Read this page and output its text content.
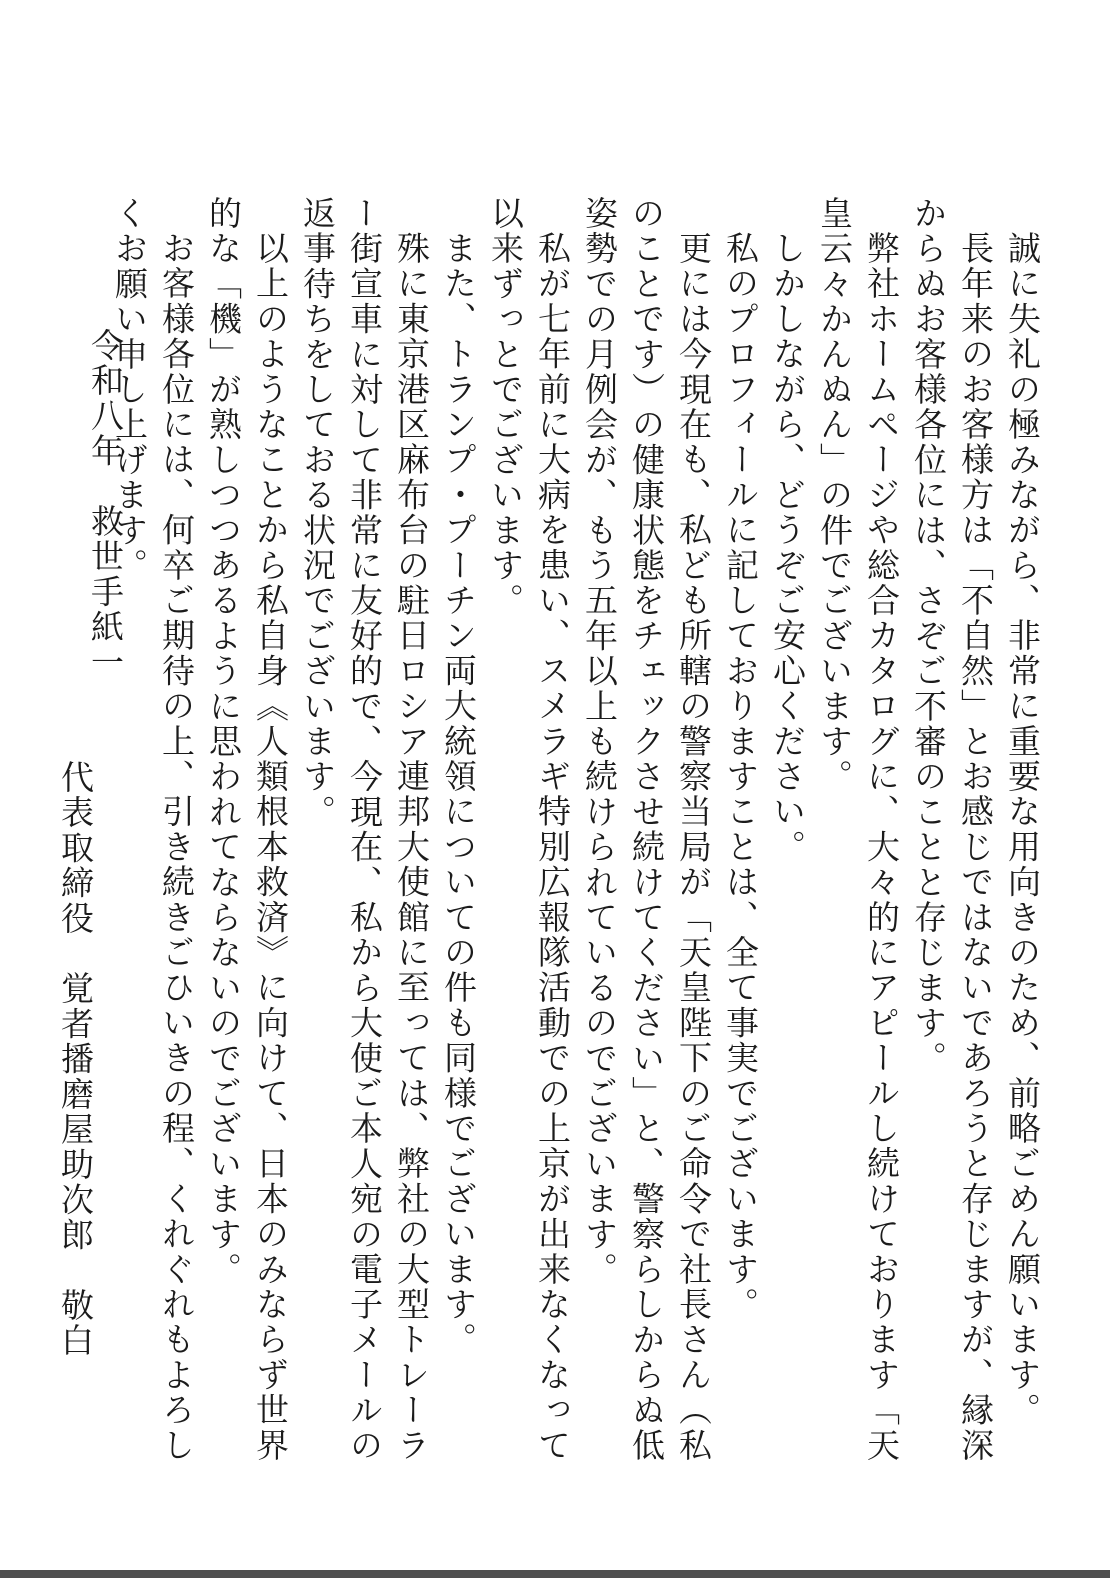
誠に失礼の極みながら、非常に重要な用向きのため、前略ごめん願います。

長年来のお客様方は「不自然」とお感じではないであろうと存じますが、縁深からぬお客様各位には、さぞご不審のことと存じます。

弊社ホームページや総合カタログに、大々的にアピールし続けております「天皇云々かんぬん」の件でございます。

しかしながら、どうぞご安心ください。

私のプロフィールに記しておりますことは、全て事実でございます。

更には今現在も、私ども所轄の警察当局が「天皇陛下のご命令で社長さん（私のことです）の健康状態をチェックさせ続けてください」と、警察らしからぬ低姿勢での月例会が、もう五年以上も続けられているのでございます。

私が七年前に大病を患い、スメラギ特別広報隊活動での上京が出来なくなって以来ずっとでございます。

また、トランプ・プーチン両大統領についての件も同様でございます。

殊に東京港区麻布台の駐日ロシア連邦大使館に至っては、弊社の大型トレーラー街宣車に対して非常に友好的で、今現在、私から大使ご本人宛の電子メールの返事待ちをしておる状況でございます。

以上のようなことから私自身《人類根本救済》に向けて、日本のみならず世界的な「機」が熟しつつあるように思われてならないのでございます。

お客様各位には、何卒ご期待の上、引き続きごひいきの程、くれぐれもよろしくお願い申し上げます。

令和八年　救世手紙一
代表取締役　覚者播磨屋助次郎　敬白
